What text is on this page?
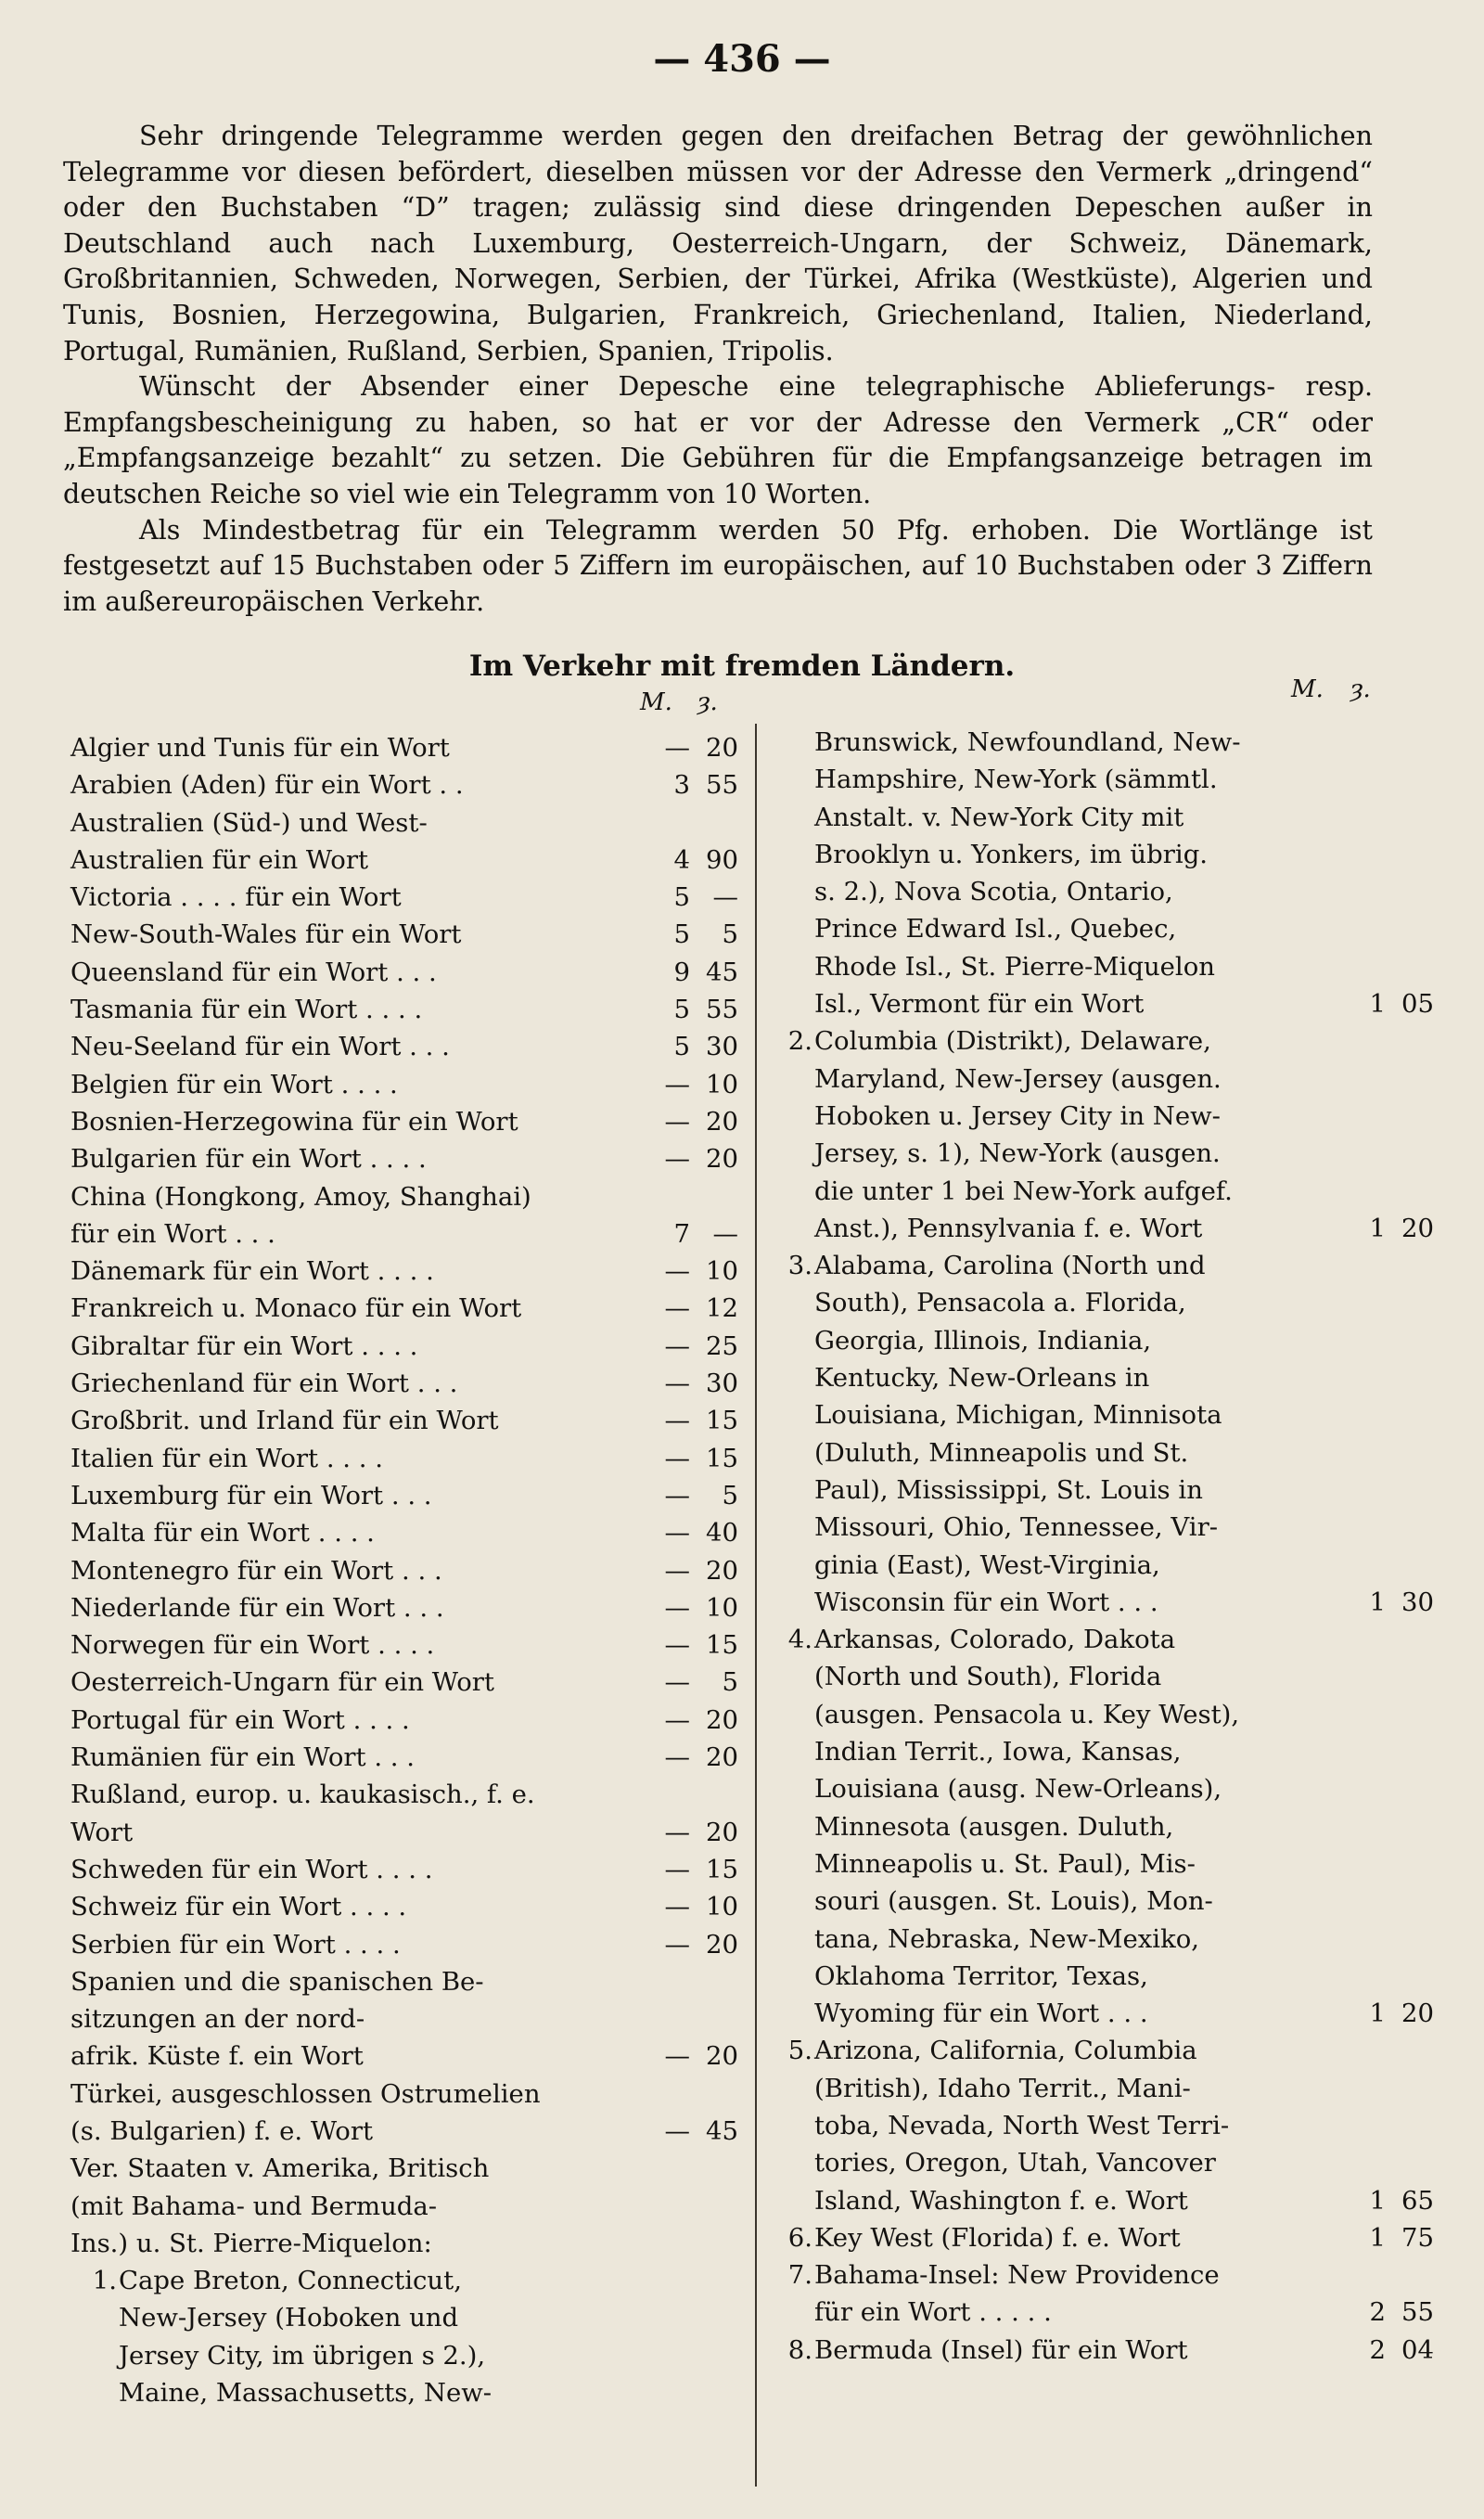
— 436 —

Sehr dringende Telegramme werden gegen den dreifachen Betrag der gewöhnlichen Telegramme vor diesen befördert, dieselben müssen vor der Adresse den Vermerk „dringend“ oder den Buchstaben “D” tragen; zulässig sind diese dringenden Depeschen außer in Deutschland auch nach Luxemburg, Oesterreich-Ungarn, der Schweiz, Dänemark, Großbritannien, Schweden, Norwegen, Serbien, der Türkei, Afrika (Westküste), Algerien und Tunis, Bosnien, Herzegowina, Bulgarien, Frankreich, Griechenland, Italien, Niederland, Portugal, Rumänien, Rußland, Serbien, Spanien, Tripolis.

Wünscht der Absender einer Depesche eine telegraphische Ablieferungs- resp. Empfangsbescheinigung zu haben, so hat er vor der Adresse den Vermerk „CR“ oder „Empfangsanzeige bezahlt“ zu setzen. Die Gebühren für die Empfangsanzeige betragen im deutschen Reiche so viel wie ein Telegramm von 10 Worten.

Als Mindestbetrag für ein Telegramm werden 50 Pfg. erhoben. Die Wortlänge ist festgesetzt auf 15 Buchstaben oder 5 Ziffern im europäischen, auf 10 Buchstaben oder 3 Ziffern im außereuropäischen Verkehr.

Im Verkehr mit fremden Ländern.
M. ȝ.	M. ȝ.
Algier und Tunis für ein Wort	— 20
Arabien (Aden) für ein Wort . .	3 55
Australien (Süd-) und West-
Australien für ein Wort	4 90
Victoria . . . . für ein Wort	5 —
New-South-Wales für ein Wort	5	5
Queensland für ein Wort . . .	9 45
Tasmania für ein Wort . . . .	5 55
Neu-Seeland für ein Wort . . .	5 30
Belgien für ein Wort . . . .	— 10
Bosnien-Herzegowina für ein Wort	— 20
Bulgarien für ein Wort . . . .	— 20
China (Hongkong, Amoy, Shanghai)
für ein Wort . . .	7 —
Dänemark für ein Wort . . . .	— 10
Frankreich u. Monaco für ein Wort	— 12
Gibraltar für ein Wort . . . .	— 25
Griechenland für ein Wort . . .	— 30
Großbrit. und Irland für ein Wort	— 15
Italien für ein Wort . . . .	— 15
Luxemburg für ein Wort . . .	—	5
Malta für ein Wort . . . .	— 40
Montenegro für ein Wort . . .	— 20
Niederlande für ein Wort . . .	— 10
Norwegen für ein Wort . . . .	— 15
Oesterreich-Ungarn für ein Wort	—	5
Portugal für ein Wort . . . .	— 20
Rumänien für ein Wort . . .	— 20
Rußland, europ. u. kaukasisch., f. e. Wort	— 20
Schweden für ein Wort . . . .	— 15
Schweiz für ein Wort . . . .	— 10
Serbien für ein Wort . . . .	— 20
Spanien und die spanischen Be-
sitzungen an der nord-
afrik. Küste f. ein Wort	— 20
Türkei, ausgeschlossen Ostrumelien
(s. Bulgarien) f. e. Wort	— 45
Ver. Staaten v. Amerika, Britisch
(mit Bahama- und Bermuda-
Ins.) u. St. Pierre-Miquelon:
1. Cape Breton, Connecticut,
New-Jersey (Hoboken und
Jersey City, im übrigen s 2.),
Maine, Massachusetts, New-
Brunswick, Newfoundland, New-
Hampshire, New-York (sämmtl.
Anstalt. v. New-York City mit
Brooklyn u. Yonkers, im übrig.
s. 2.), Nova Scotia, Ontario,
Prince Edward Isl., Quebec,
Rhode Isl., St. Pierre-Miquelon
Isl., Vermont für ein Wort	1 05
2. Columbia (Distrikt), Delaware,
Maryland, New-Jersey (ausgen.
Hoboken u. Jersey City in New-
Jersey, s. 1), New-York (ausgen.
die unter 1 bei New-York aufgef.
Anst.), Pennsylvania f. e. Wort	1 20
3. Alabama, Carolina (North und
South), Pensacola a. Florida,
Georgia, Illinois, Indiania,
Kentucky, New-Orleans in
Louisiana, Michigan, Minnisota
(Duluth, Minneapolis und St.
Paul), Mississippi, St. Louis in
Missouri, Ohio, Tennessee, Vir-
ginia (East), West-Virginia,
Wisconsin für ein Wort . . .	1 30
4. Arkansas, Colorado, Dakota
(North und South), Florida
(ausgen. Pensacola u. Key West),
Indian Territ., Iowa, Kansas,
Louisiana (ausg. New-Orleans),
Minnesota (ausgen. Duluth,
Minneapolis u. St. Paul), Mis-
souri (ausgen. St. Louis), Mon-
tana, Nebraska, New-Mexiko,
Oklahoma Territor, Texas,
Wyoming für ein Wort . . .	1 20
5. Arizona, California, Columbia
(British), Idaho Territ., Mani-
toba, Nevada, North West Terri-
tories, Oregon, Utah, Vancover
Island, Washington f. e. Wort	1 65
6. Key West (Florida) f. e. Wort	1 75
7. Bahama-Insel: New Providence
für ein Wort . . . . .	2 55
8. Bermuda (Insel) für ein Wort	2 04
